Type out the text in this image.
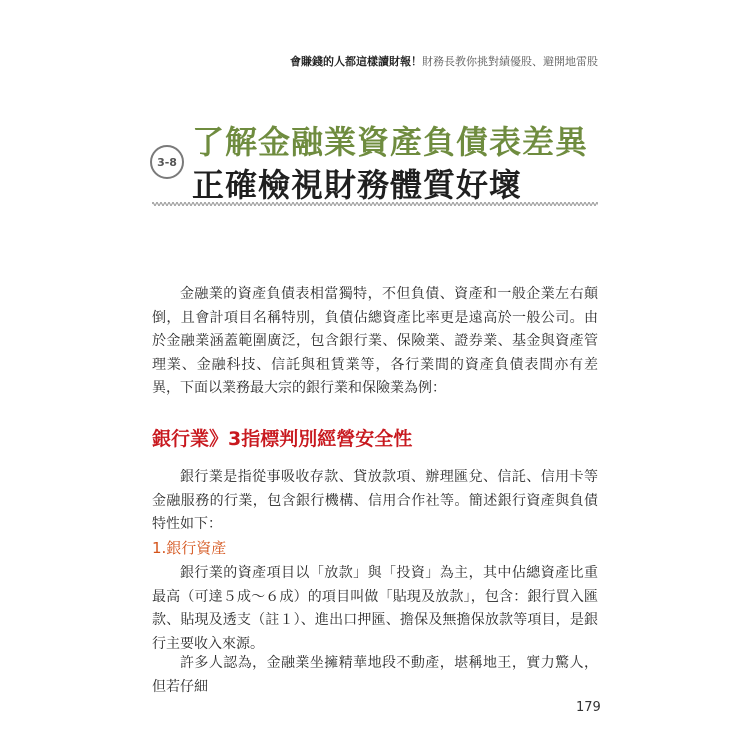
會賺錢的人都這樣讀財報！財務長教你挑對績優股、避開地雷股
3-8
了解金融業資產負債表差異
正確檢視財務體質好壞

金融業的資產負債表相當獨特，不但負債、資產和一般企業左右顛倒，且會計項目名稱特別，負債佔總資產比率更是遠高於一般公司。由於金融業涵蓋範圍廣泛，包含銀行業、保險業、證券業、基金與資產管理業、金融科技、信託與租賃業等，各行業間的資產負債表間亦有差異，下面以業務最大宗的銀行業和保險業為例：

銀行業》3指標判別經營安全性

銀行業是指從事吸收存款、貸放款項、辦理匯兌、信託、信用卡等金融服務的行業，包含銀行機構、信用合作社等。簡述銀行資產與負債特性如下：

1.銀行資產

銀行業的資產項目以「放款」與「投資」為主，其中佔總資產比重最高（可達５成～６成）的項目叫做「貼現及放款」，包含：銀行買入匯款、貼現及透支（註１）、進出口押匯、擔保及無擔保放款等項目，是銀行主要收入來源。

許多人認為，金融業坐擁精華地段不動產，堪稱地王，實力驚人，但若仔細

179
